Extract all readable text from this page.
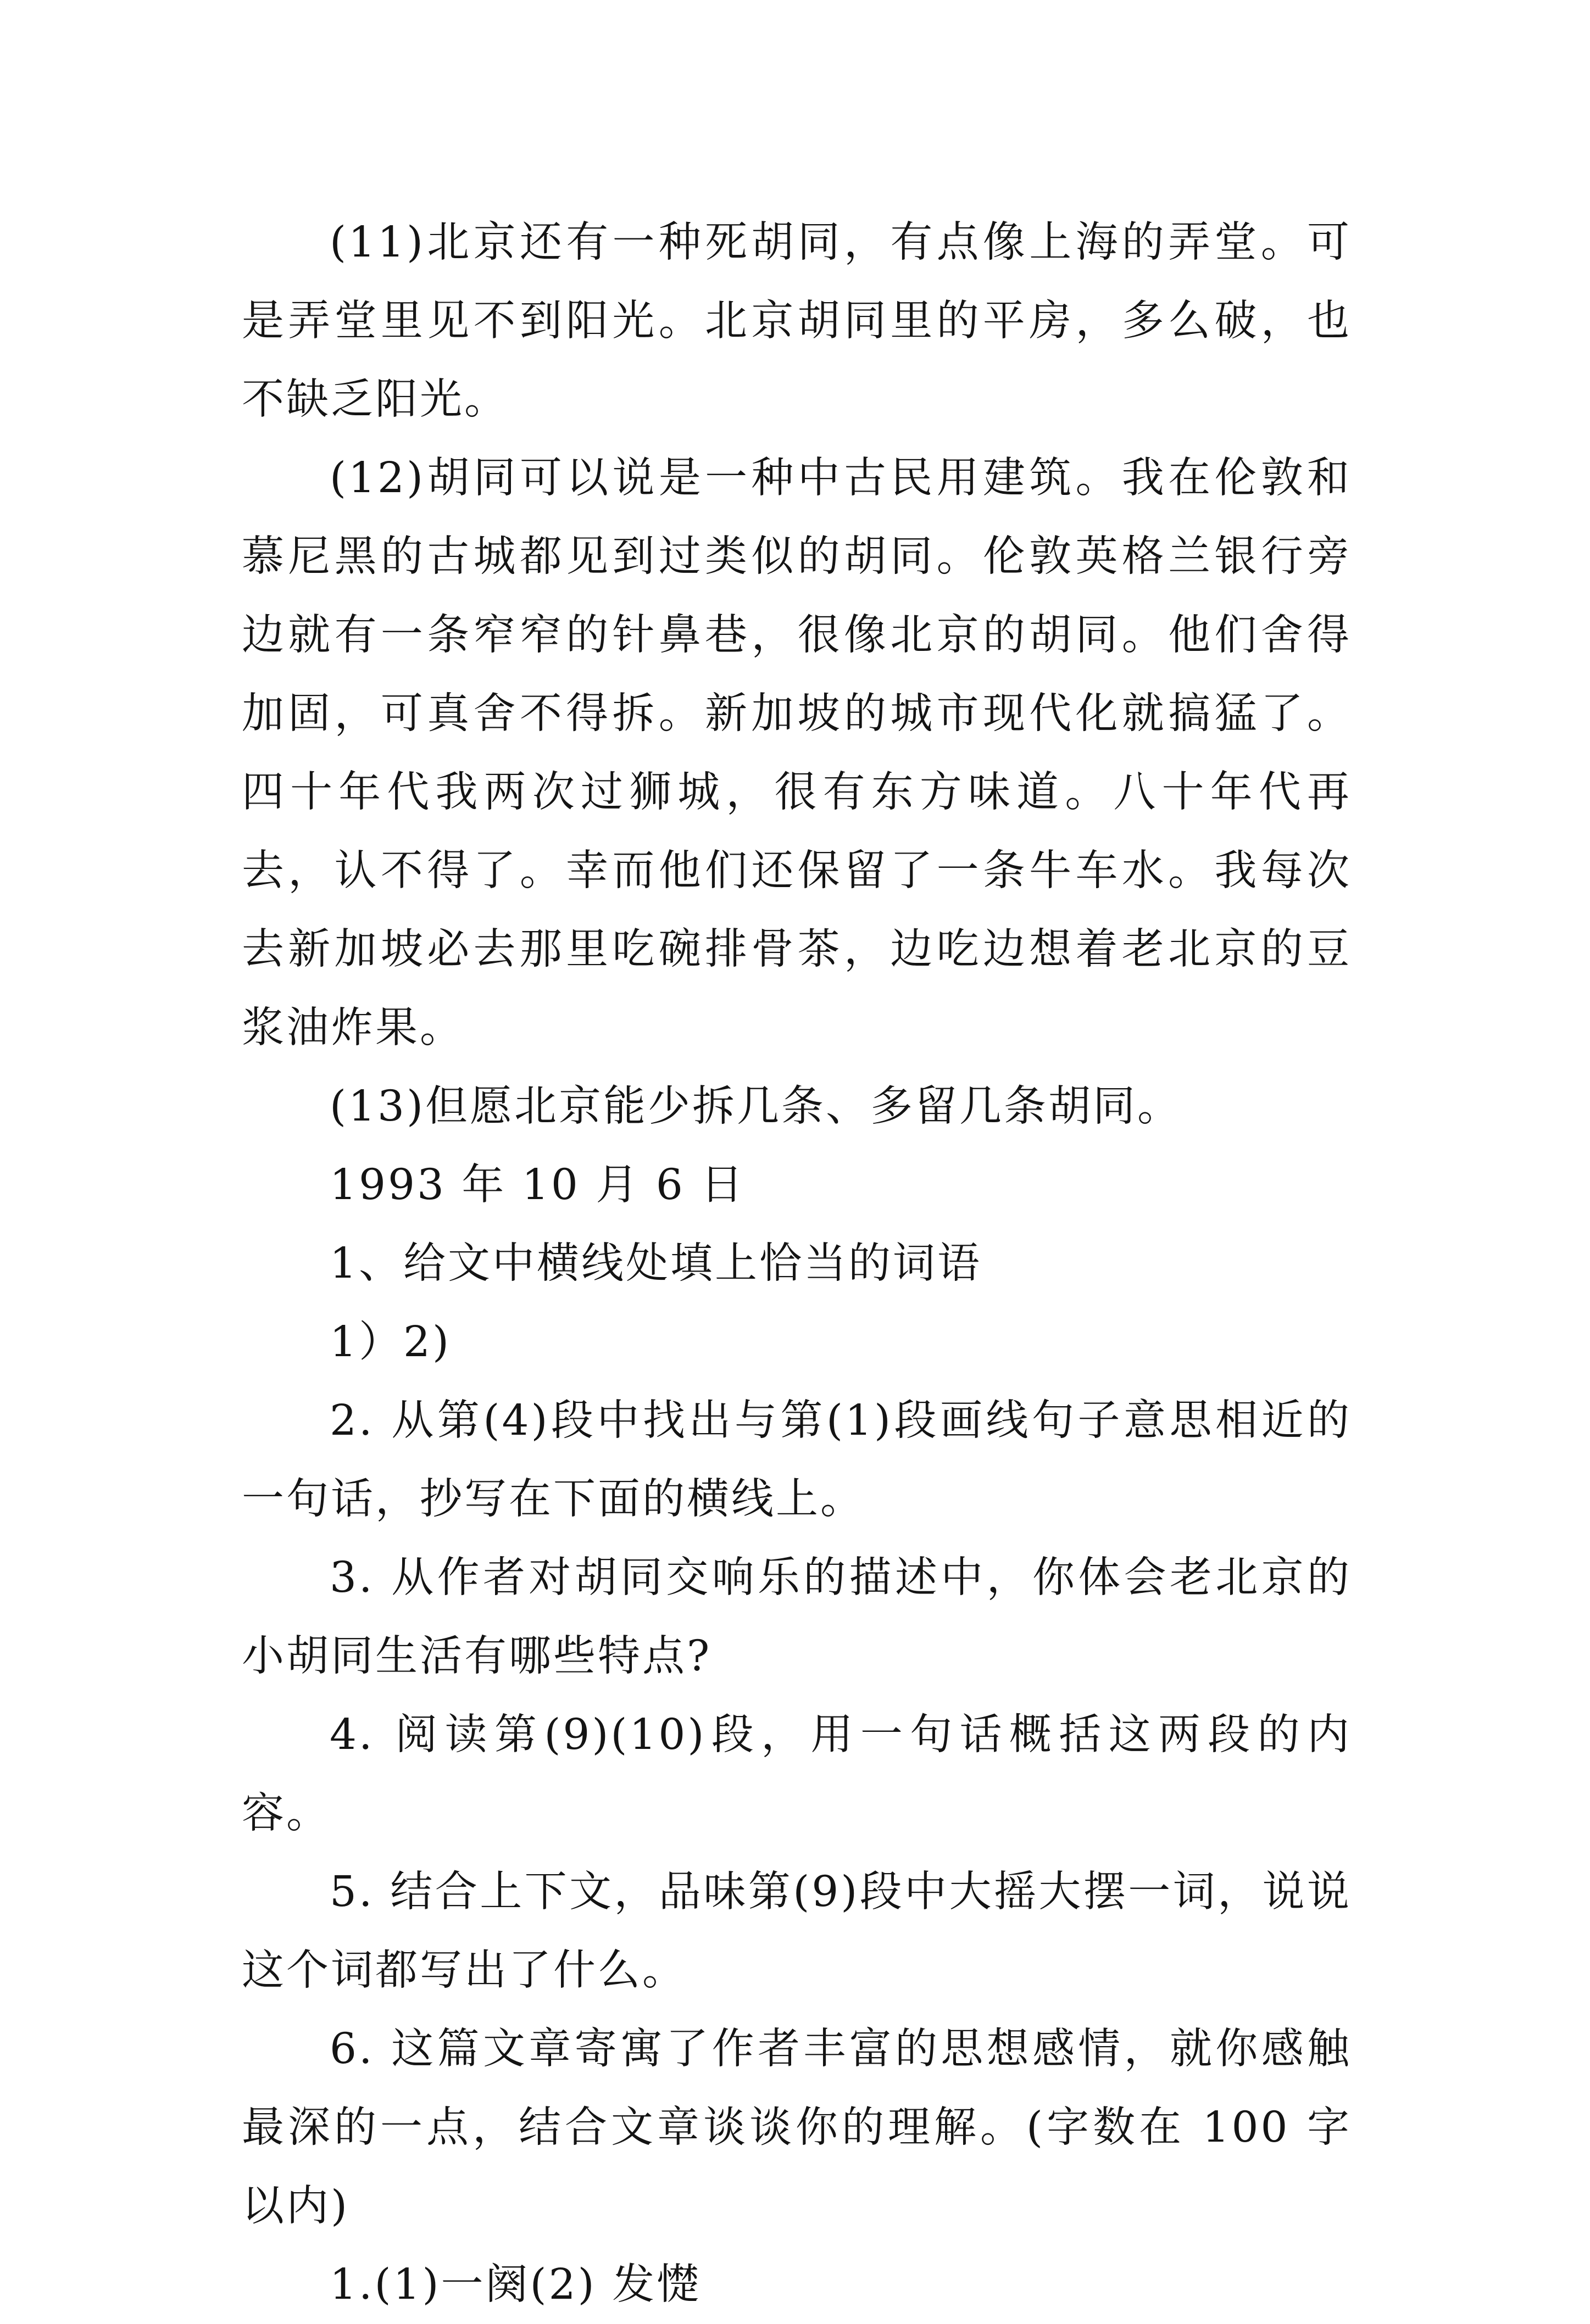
(11)北京还有一种死胡同，有点像上海的弄堂。可是弄堂里见不到阳光。北京胡同里的平房，多么破，也不缺乏阳光。

(12)胡同可以说是一种中古民用建筑。我在伦敦和慕尼黑的古城都见到过类似的胡同。伦敦英格兰银行旁边就有一条窄窄的针鼻巷，很像北京的胡同。他们舍得加固，可真舍不得拆。新加坡的城市现代化就搞猛了。四十年代我两次过狮城，很有东方味道。八十年代再去，认不得了。幸而他们还保留了一条牛车水。我每次去新加坡必去那里吃碗排骨茶，边吃边想着老北京的豆浆油炸果。

(13)但愿北京能少拆几条、多留几条胡同。

1993 年 10 月 6 日

1、给文中横线处填上恰当的词语

1）2)

2. 从第(4)段中找出与第(1)段画线句子意思相近的一句话，抄写在下面的横线上。

3. 从作者对胡同交响乐的描述中，你体会老北京的小胡同生活有哪些特点?

4. 阅读第(9)(10)段，用一句话概括这两段的内容。

5. 结合上下文，品味第(9)段中大摇大摆一词，说说这个词都写出了什么。

6. 这篇文章寄寓了作者丰富的思想感情，就你感触最深的一点，结合文章谈谈你的理解。(字数在 100 字以内)

1.(1)一阕(2) 发憷
